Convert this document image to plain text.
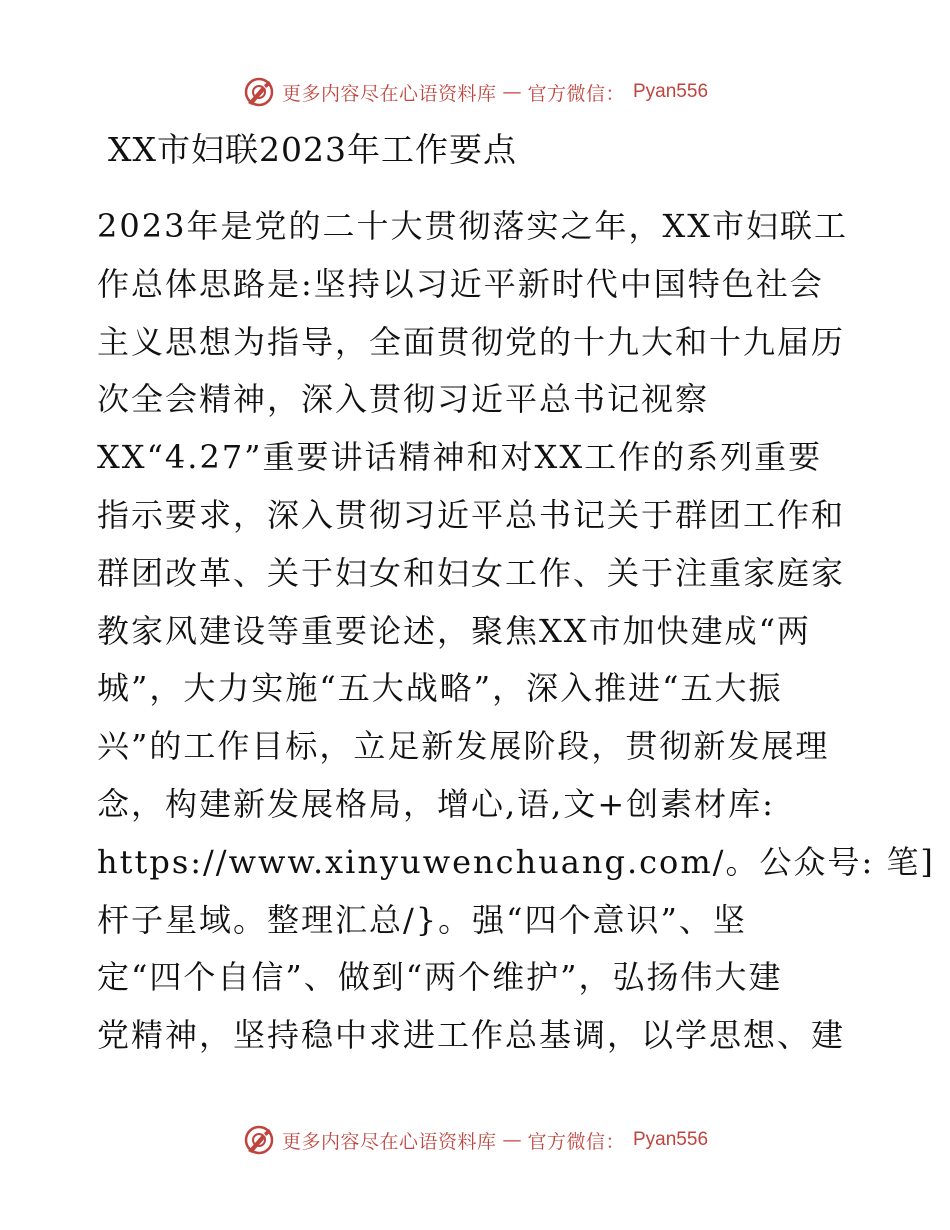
更多内容尽在心语资料库 — 官方微信： Pyan556
XX市妇联2023年工作要点
2023年是党的二十大贯彻落实之年，XX市妇联工
作总体思路是:坚持以习近平新时代中国特色社会
主义思想为指导，全面贯彻党的十九大和十九届历
次全会精神，深入贯彻习近平总书记视察
XX“4.27”重要讲话精神和对XX工作的系列重要
指示要求，深入贯彻习近平总书记关于群团工作和
群团改革、关于妇女和妇女工作、关于注重家庭家
教家风建设等重要论述，聚焦XX市加快建成“两
城”，大力实施“五大战略”，深入推进“五大振
兴”的工作目标，立足新发展阶段，贯彻新发展理
念，构建新发展格局，增心,语,文+创素材库:
https://www.xinyuwenchuang.com/。公众号: 笔]
杆子星域。整理汇总/}。强“四个意识”、坚
定“四个自信”、做到“两个维护”，弘扬伟大建
党精神，坚持稳中求进工作总基调，以学思想、建
更多内容尽在心语资料库 — 官方微信： Pyan556
